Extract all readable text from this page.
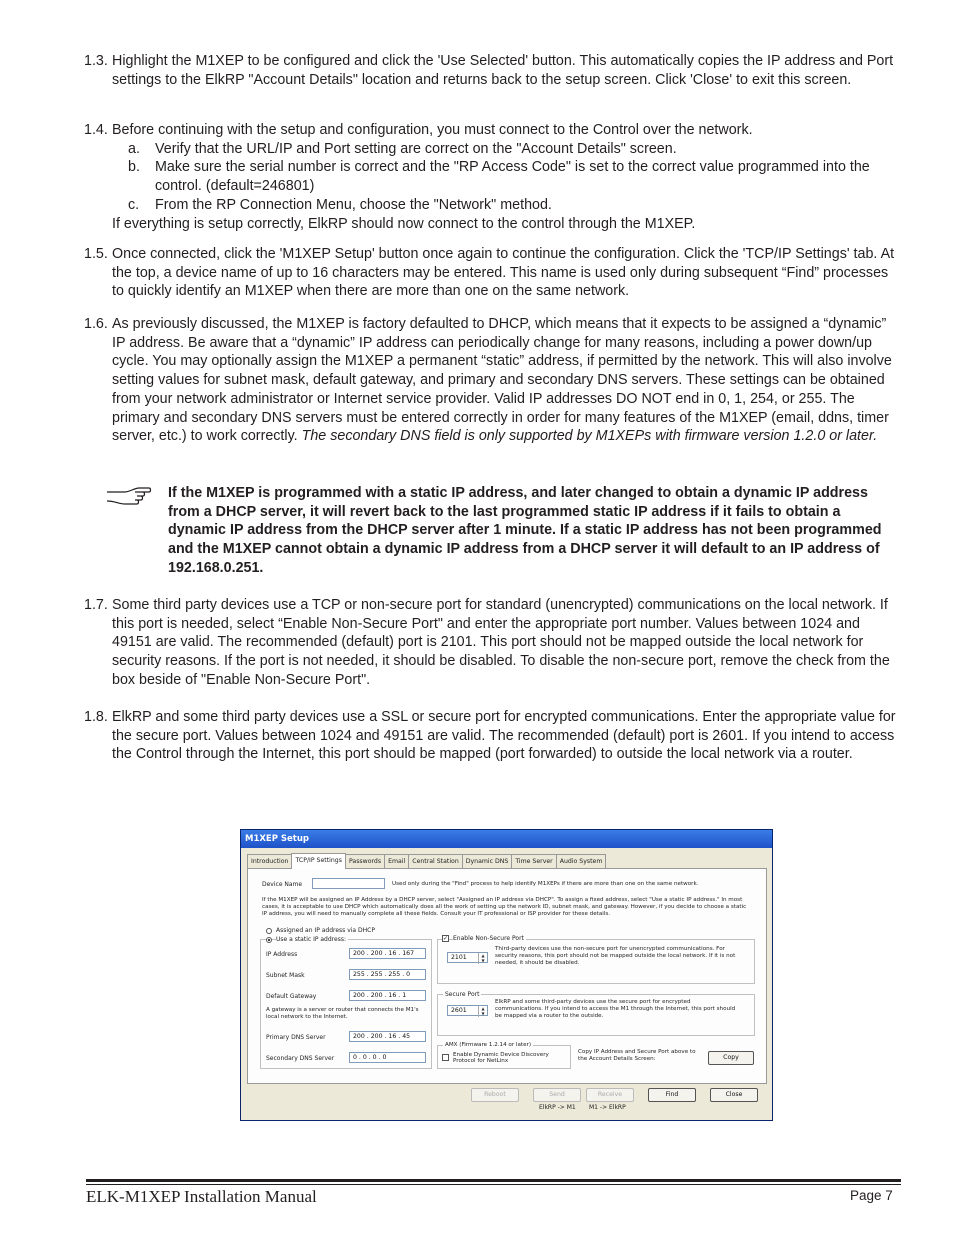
1.3. Highlight the M1XEP to be configured and click the 'Use Selected' button. This automatically copies the IP address and Port settings to the ElkRP "Account Details" location and returns back to the setup screen. Click 'Close' to exit this screen.
1.4. Before continuing with the setup and configuration, you must connect to the Control over the network.
a. Verify that the URL/IP and Port setting are correct on the "Account Details" screen.
b. Make sure the serial number is correct and the "RP Access Code" is set to the correct value programmed into the control. (default=246801)
c. From the RP Connection Menu, choose the "Network" method.
If everything is setup correctly, ElkRP should now connect to the control through the M1XEP.
1.5. Once connected, click the 'M1XEP Setup' button once again to continue the configuration. Click the 'TCP/IP Settings' tab. At the top, a device name of up to 16 characters may be entered. This name is used only during subsequent “Find” processes to quickly identify an M1XEP when there are more than one on the same network.
1.6. As previously discussed, the M1XEP is factory defaulted to DHCP, which means that it expects to be assigned a “dynamic” IP address. Be aware that a “dynamic” IP address can periodically change for many reasons, including a power down/up cycle. You may optionally assign the M1XEP a permanent “static” address, if permitted by the network. This will also involve setting values for subnet mask, default gateway, and primary and secondary DNS servers. These settings can be obtained from your network administrator or Internet service provider. Valid IP addresses DO NOT end in 0, 1, 254, or 255. The primary and secondary DNS servers must be entered correctly in order for many features of the M1XEP (email, ddns, timer server, etc.) to work correctly. The secondary DNS field is only supported by M1XEPs with firmware version 1.2.0 or later.
If the M1XEP is programmed with a static IP address, and later changed to obtain a dynamic IP address from a DHCP server, it will revert back to the last programmed static IP address if it fails to obtain a dynamic IP address from the DHCP server after 1 minute. If a static IP address has not been programmed and the M1XEP cannot obtain a dynamic IP address from a DHCP server it will default to an IP address of 192.168.0.251.
1.7. Some third party devices use a TCP or non-secure port for standard (unencrypted) communications on the local network. If this port is needed, select “Enable Non-Secure Port" and enter the appropriate port number. Values between 1024 and 49151 are valid. The recommended (default) port is 2101. This port should not be mapped outside the local network for security reasons. If the port is not needed, it should be disabled. To disable the non-secure port, remove the check from the box beside of "Enable Non-Secure Port".
1.8. ElkRP and some third party devices use a SSL or secure port for encrypted communications. Enter the appropriate value for the secure port. Values between 1024 and 49151 are valid. The recommended (default) port is 2601. If you intend to access the Control through the Internet, this port should be mapped (port forwarded) to outside the local network via a router.
M1XEP Setup
Introduction	TCP/IP Settings	Passwords	Email	Central Station	Dynamic DNS	Time Server	Audio System
Device Name	Used only during the "Find" process to help identify M1XEPs if there are more than one on the same network.
If the M1XEP will be assigned an IP Address by a DHCP server, select "Assigned an IP address via DHCP". To assign a fixed address, select "Use a static IP address." In most cases, it is acceptable to use DHCP which automatically does all the work of setting up the network ID, subnet mask, and gateway. However, if you decide to choose a static IP address, you will need to manually complete all these fields. Consult your IT professional or ISP provider for these details.
Assigned an IP address via DHCP
Use a static IP address:
IP Address	200 . 200 . 16 . 167
Subnet Mask	255 . 255 . 255 . 0
Default Gateway	200 . 200 . 16 . 1
A gateway is a server or router that connects the M1's local network to the Internet.
Primary DNS Server	200 . 200 . 16 . 45
Secondary DNS Server	0 . 0 . 0 . 0
✓ Enable Non-Secure Port
2101	▲
▼
Third-party devices use the non-secure port for unencrypted communications. For security reasons, this port should not be mapped outside the local network. If it is not needed, it should be disabled.
Secure Port
2601	▲
▼
ElkRP and some third-party devices use the secure port for encrypted communications. If you intend to access the M1 through the Internet, this port should be mapped via a router to the outside.
AMX (Firmware 1.2.14 or later)
Enable Dynamic Device Discovery Protocol for NetLinx
Copy IP Address and Secure Port above to the Account Details Screen:	Copy
Reboot	Send	Receive	Find	Close
ElkRP -> M1 M1 -> ElkRP
ELK-M1XEP Installation Manual	Page 7
